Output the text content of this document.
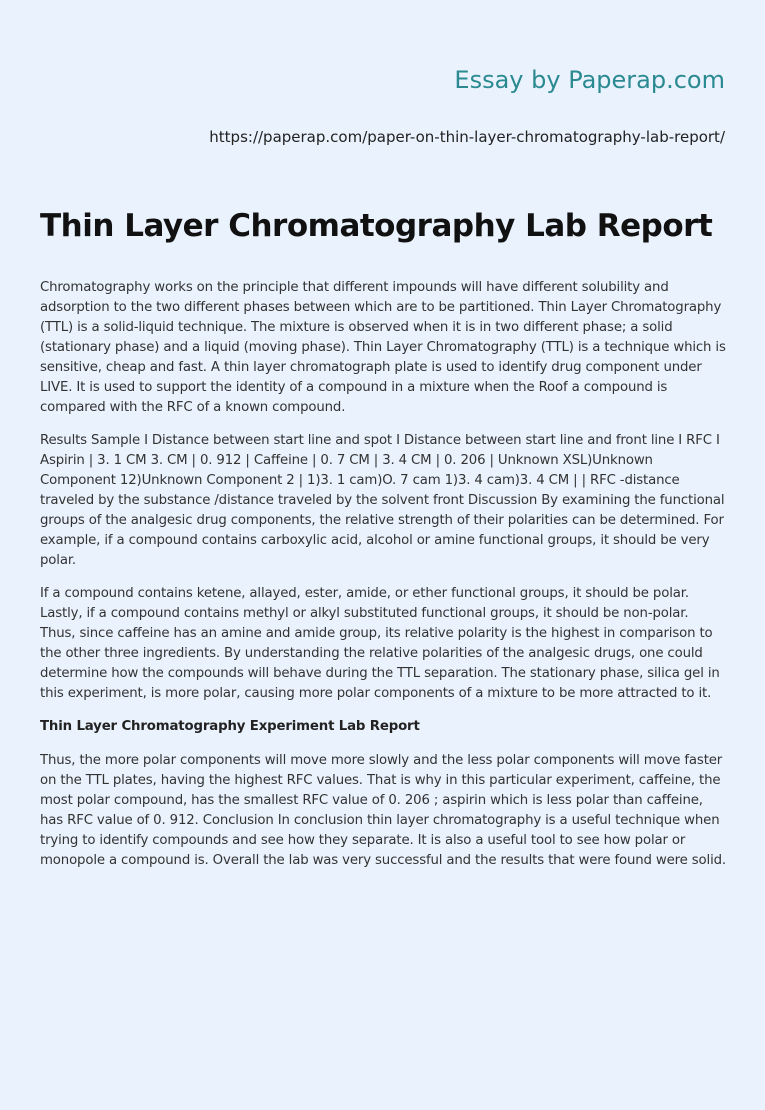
Essay by Paperap.com
https://paperap.com/paper-on-thin-layer-chromatography-lab-report/
Thin Layer Chromatography Lab Report

Chromatography works on the principle that different impounds will have different solubility and adsorption to the two different phases between which are to be partitioned. Thin Layer Chromatography (TTL) is a solid-liquid technique. The mixture is observed when it is in two different phase; a solid (stationary phase) and a liquid (moving phase). Thin Layer Chromatography (TTL) is a technique which is sensitive, cheap and fast. A thin layer chromatograph plate is used to identify drug component under LIVE. It is used to support the identity of a compound in a mixture when the Roof a compound is compared with the RFC of a known compound.

Results Sample I Distance between start line and spot I Distance between start line and front line I RFC I Aspirin | 3. 1 CM 3. CM | 0. 912 | Caffeine | 0. 7 CM | 3. 4 CM | 0. 206 | Unknown XSL)Unknown Component 12)Unknown Component 2 | 1)3. 1 cam)O. 7 cam 1)3. 4 cam)3. 4 CM | | RFC -distance traveled by the substance /distance traveled by the solvent front Discussion By examining the functional groups of the analgesic drug components, the relative strength of their polarities can be determined. For example, if a compound contains carboxylic acid, alcohol or amine functional groups, it should be very polar.

If a compound contains ketene, allayed, ester, amide, or ether functional groups, it should be polar. Lastly, if a compound contains methyl or alkyl substituted functional groups, it should be non-polar. Thus, since caffeine has an amine and amide group, its relative polarity is the highest in comparison to the other three ingredients. By understanding the relative polarities of the analgesic drugs, one could determine how the compounds will behave during the TTL separation. The stationary phase, silica gel in this experiment, is more polar, causing more polar components of a mixture to be more attracted to it.

Thin Layer Chromatography Experiment Lab Report

Thus, the more polar components will move more slowly and the less polar components will move faster on the TTL plates, having the highest RFC values. That is why in this particular experiment, caffeine, the most polar compound, has the smallest RFC value of 0. 206 ; aspirin which is less polar than caffeine, has RFC value of 0. 912. Conclusion In conclusion thin layer chromatography is a useful technique when trying to identify compounds and see how they separate. It is also a useful tool to see how polar or monopole a compound is. Overall the lab was very successful and the results that were found were solid.
